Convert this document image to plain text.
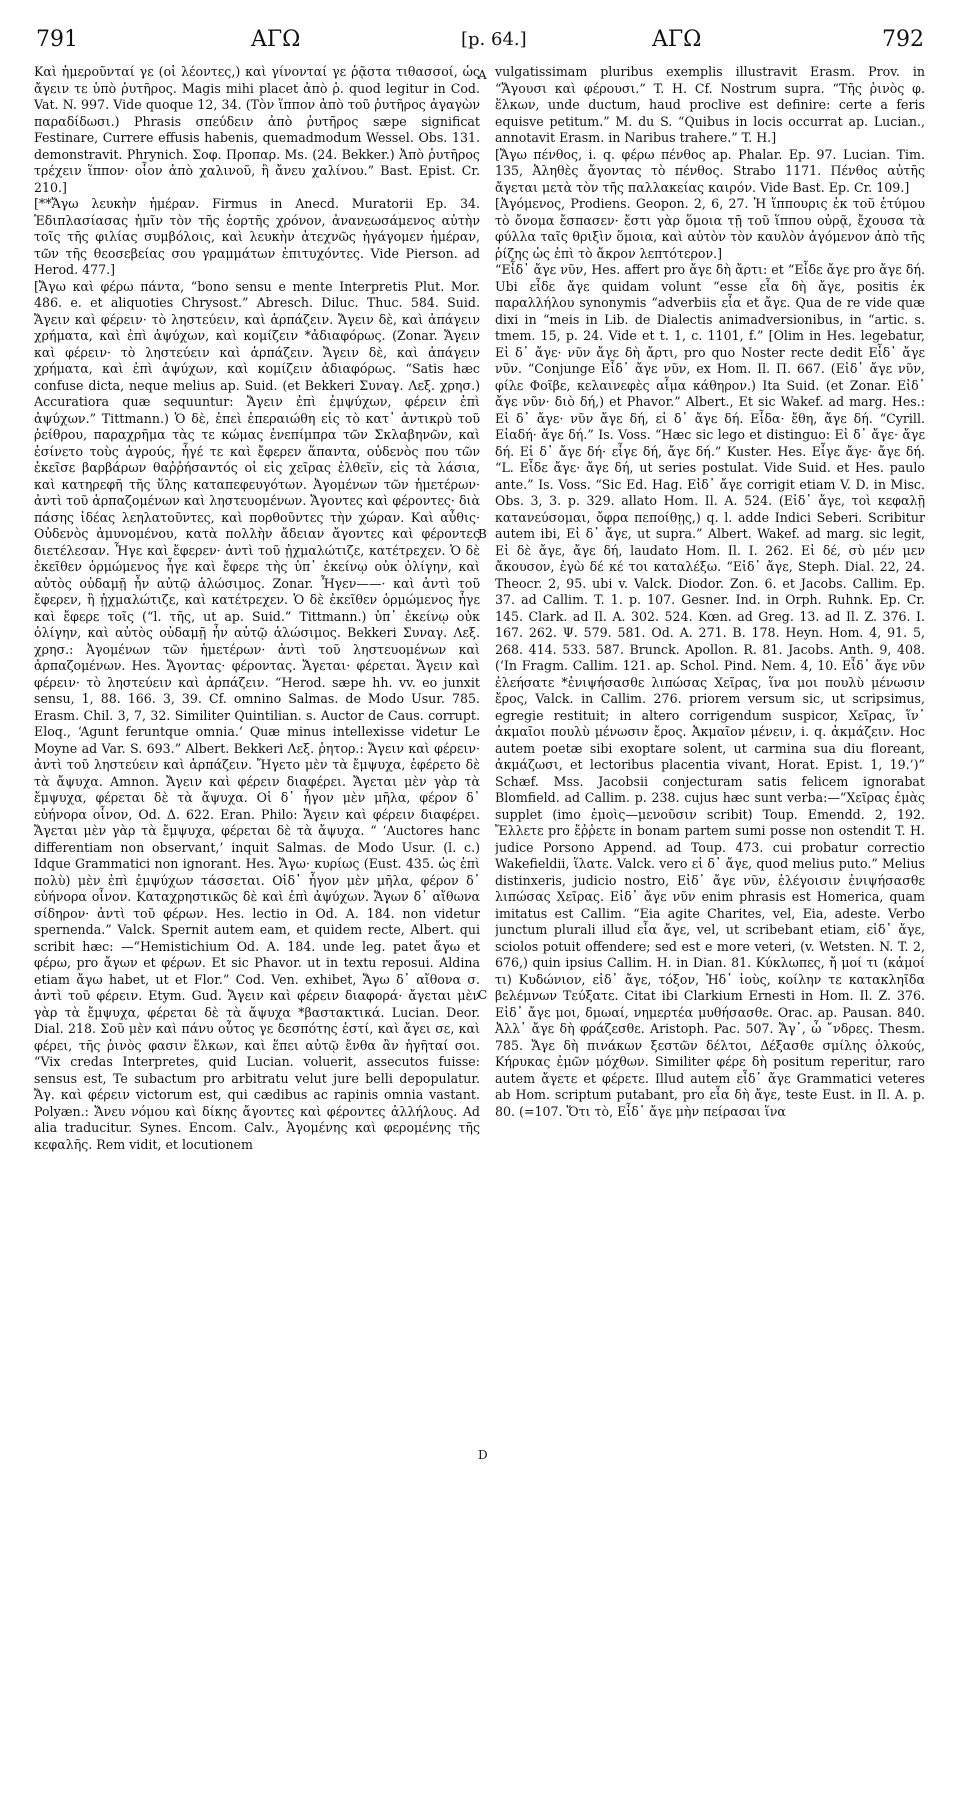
791	ΑΓΩ	[p. 64.]	ΑΓΩ	792

Καὶ ἡμεροῦνταί γε (οἱ λέοντες,) καὶ γίνονταί γε ῥᾷστα τιθασσοί, ὡς ἄγειν τε ὑπὸ ῥυτῆρος. Magis mihi placet ἀπὸ ῥ. quod legitur in Cod. Vat. N. 997. Vide quoque 12, 34. (Τὸν ἵππον ἀπὸ τοῦ ῥυτῆρος ἀγαγὼν παραδίδωσι.) Phrasis σπεύδειν ἀπὸ ῥυτῆρος sæpe significat Festinare, Currere effusis habenis, quemadmodum Wessel. Obs. 131. demonstravit. Phrynich. Σοφ. Προπαρ. Ms. (24. Bekker.) Ἀπὸ ῥυτῆρος τρέχειν ἵππον· οἷον ἀπὸ χαλινοῦ, ἢ ἄνευ χαλίνου.” Bast. Epist. Cr. 210.]

[**Ἄγω λευκὴν ἡμέραν. Firmus in Anecd. Muratorii Ep. 34. Ἐδιπλασίασας ἡμῖν τὸν τῆς ἑορτῆς χρόνον, ἀνανεωσάμενος αὐτὴν τοῖς τῆς φιλίας συμβόλοις, καὶ λευκὴν ἀτεχνῶς ἠγάγομεν ἡμέραν, τῶν τῆς θεοσεβείας σου γραμμάτων ἐπιτυχόντες. Vide Pierson. ad Herod. 477.]

[Ἄγω καὶ φέρω πάντα, “bono sensu e mente Interpretis Plut. Mor. 486. e. et aliquoties Chrysost.” Abresch. Diluc. Thuc. 584. Suid. Ἄγειν καὶ φέρειν· τὸ ληστεύειν, καὶ ἁρπάζειν. Ἄγειν δὲ, καὶ ἀπάγειν χρήματα, καὶ ἐπὶ ἀψύχων, καὶ κομίζειν *ἀδιαφόρως. (Zonar. Ἄγειν καὶ φέρειν· τὸ ληστεύειν καὶ ἁρπάζειν. Ἄγειν δὲ, καὶ ἀπάγειν χρήματα, καὶ ἐπὶ ἀψύχων, καὶ κομίζειν ἀδιαφόρως. “Satis hæc confuse dicta, neque melius ap. Suid. (et Bekkeri Συναγ. Λεξ. χρησ.) Accuratiora quæ sequuntur: Ἄγειν ἐπὶ ἐμψύχων, φέρειν ἐπὶ ἀψύχων.” Tittmann.) Ὁ δὲ, ἐπεὶ ἐπεραιώθη εἰς τὸ κατ᾽ ἀντικρὺ τοῦ ῥείθρου, παραχρῆμα τὰς τε κώμας ἐνεπίμπρα τῶν Σκλαβηνῶν, καὶ ἐσίνετο τοὺς ἀγρούς, ἦγέ τε καὶ ἔφερεν ἅπαντα, οὐδενὸς που τῶν ἐκεῖσε βαρβάρων θαῤῥήσαντός οἱ εἰς χεῖρας ἐλθεῖν, εἰς τὰ λάσια, καὶ κατηρεφῆ τῆς ὕλης καταπεφευγότων. Ἀγομένων τῶν ἡμετέρων· ἀντὶ τοῦ ἁρπαζομένων καὶ ληστευομένων. Ἄγοντες καὶ φέροντες· διὰ πάσης ἰδέας λεηλατοῦντες, καὶ πορθοῦντες τὴν χώραν. Καὶ αὖθις· Οὐδενὸς ἀμυνομένου, κατὰ πολλὴν ἄδειαν ἄγοντες καὶ φέροντες διετέλεσαν. Ἦγε καὶ ἔφερεν· ἀντὶ τοῦ ᾐχμαλώτιζε, κατέτρεχεν. Ὁ δὲ ἐκεῖθεν ὁρμώμενος ἦγε καὶ ἔφερε τὴς ὑπ᾽ ἐκείνῳ οὐκ ὀλίγην, καὶ αὐτὸς οὐδαμῇ ἦν αὐτῷ ἁλώσιμος. Zonar. Ἦγεν——· καὶ ἀντὶ τοῦ ἔφερεν, ἢ ᾐχμαλώτιζε, καὶ κατέτρεχεν. Ὁ δὲ ἐκεῖθεν ὁρμώμενος ἦγε καὶ ἔφερε τοῖς (“l. τῆς, ut ap. Suid.” Tittmann.) ὑπ᾽ ἐκείνῳ οὐκ ὀλίγην, καὶ αὐτὸς οὐδαμῇ ἦν αὐτῷ ἁλώσιμος. Bekkeri Συναγ. Λεξ. χρησ.: Ἀγομένων τῶν ἡμετέρων· ἀντὶ τοῦ ληστευομένων καὶ ἁρπαζομένων. Hes. Ἄγοντας· φέροντας. Ἄγεται· φέρεται. Ἄγειν καὶ φέρειν· τὸ ληστεύειν καὶ ἁρπάζειν. “Herod. sæpe hh. vv. eo junxit sensu, 1, 88. 166. 3, 39. Cf. omnino Salmas. de Modo Usur. 785. Erasm. Chil. 3, 7, 32. Similiter Quintilian. s. Auctor de Caus. corrupt. Eloq., ‘Agunt feruntque omnia.’ Quæ minus intellexisse videtur Le Moyne ad Var. S. 693.” Albert. Bekkeri Λεξ. ῥητορ.: Ἄγειν καὶ φέρειν· ἀντὶ τοῦ ληστεύειν καὶ ἁρπάζειν. Ἤγετο μὲν τὰ ἔμψυχα, ἐφέρετο δὲ τὰ ἄψυχα. Amnon. Ἄγειν καὶ φέρειν διαφέρει. Ἄγεται μὲν γὰρ τὰ ἔμψυχα, φέρεται δὲ τὰ ἄψυχα. Οἱ δ᾽ ἦγον μὲν μῆλα, φέρον δ᾽ εὐήνορα οἶνον, Od. Δ. 622. Eran. Philo: Ἄγειν καὶ φέρειν διαφέρει. Ἄγεται μὲν γὰρ τὰ ἔμψυχα, φέρεται δὲ τὰ ἄψυχα. “ ‘Auctores hanc differentiam non observant,’ inquit Salmas. de Modo Usur. (l. c.) Idque Grammatici non ignorant. Hes. Ἄγω· κυρίως (Eust. 435. ὡς ἐπὶ πολὺ) μὲν ἐπὶ ἐμψύχων τάσσεται. Οἱδ᾽ ἦγον μὲν μῆλα, φέρον δ᾽ εὐήνορα οἶνον. Καταχρηστικῶς δὲ καὶ ἐπὶ ἀψύχων. Ἄγων δ᾽ αἴθωνα σίδηρον· ἀντὶ τοῦ φέρων. Hes. lectio in Od. A. 184. non videtur spernenda.” Valck. Spernit autem eam, et quidem recte, Albert. qui scribit hæc: —“Hemistichium Od. A. 184. unde leg. patet ἄγω et φέρω, pro ἄγων et φέρων. Et sic Phavor. ut in textu reposui. Aldina etiam ἄγω habet, ut et Flor.” Cod. Ven. exhibet, Ἄγω δ᾽ αἴθονα σ. ἀντὶ τοῦ φέρειν. Etym. Gud. Ἄγειν καὶ φέρειν διαφορά· ἄγεται μὲν γὰρ τὰ ἔμψυχα, φέρεται δὲ τὰ ἄψυχα *βαστακτικά. Lucian. Deor. Dial. 218. Σοῦ μὲν καὶ πάνυ οὗτος γε δεσπότης ἐστί, καὶ ἄγει σε, καὶ φέρει, τῆς ῥινὸς φασιν ἕλκων, καὶ ἕπει αὐτῷ ἔνθα ἂν ἡγῆταί σοι. “Vix credas Interpretes, quid Lucian. voluerit, assecutos fuisse: sensus est, Te subactum pro arbitratu velut jure belli depopulatur. Ἄγ. καὶ φέρειν victorum est, qui cædibus ac rapinis omnia vastant. Polyæn.: Ἄνευ νόμου καὶ δίκης ἄγοντες καὶ φέροντες ἀλλήλους. Ad alia traducitur. Synes. Encom. Calv., Ἀγομένης καὶ φερομένης τῆς κεφαλῆς. Rem vidit, et locutionem

A
B
C
D

vulgatissimam pluribus exemplis illustravit Erasm. Prov. in “Ἄγουσι καὶ φέρουσι.” T. H. Cf. Nostrum supra. “Τῆς ῥινὸς φ. ἕλκων, unde ductum, haud proclive est definire: certe a feris equisve petitum.” M. du S. “Quibus in locis occurrat ap. Lucian., annotavit Erasm. in Naribus trahere.” T. H.]

[Ἄγω πένθος, i. q. φέρω πένθος ap. Phalar. Ep. 97. Lucian. Tim. 135, Ἀληθὲς ἄγοντας τὸ πένθος. Strabo 1171. Πένθος αὐτῆς ἄγεται μετὰ τὸν τῆς παλλακείας καιρόν. Vide Bast. Ep. Cr. 109.]

[Ἀγόμενος, Prodiens. Geopon. 2, 6, 27. Ἡ ἵππουρις ἐκ τοῦ ἐτύμου τὸ ὄνομα ἔσπασεν· ἔστι γὰρ ὅμοια τῇ τοῦ ἵππου οὐρᾷ, ἔχουσα τὰ φύλλα ταῖς θριξὶν ὅμοια, καὶ αὐτὸν τὸν καυλὸν ἀγόμενον ἀπὸ τῆς ῥίζης ὡς ἐπὶ τὸ ἄκρον λεπτότερον.]

“Εἶδ᾽ ἄγε νῦν, Hes. affert pro ἄγε δὴ ἄρτι: et “Εἶδε ἄγε pro ἄγε δή. Ubi εἶδε ἄγε quidam volunt “esse εἶα δὴ ἄγε, positis ἐκ παραλλήλου synonymis “adverbiis εἶα et ἄγε. Qua de re vide quæ dixi in “meis in Lib. de Dialectis animadversionibus, in “artic. s. tmem. 15, p. 24. Vide et t. 1, c. 1101, f.” [Olim in Hes. legebatur, Εἰ δ᾽ ἄγε· νῦν ἄγε δὴ ἄρτι, pro quo Noster recte dedit Εἶδ᾽ ἄγε νῦν. “Conjunge Εἶδ᾽ ἄγε νῦν, ex Hom. Il. Π. 667. (Εἰδ᾽ ἄγε νῦν, φίλε Φοῖβε, κελαινεφὲς αἷμα κάθηρον.) Ita Suid. (et Zonar. Εἰδ᾽ ἄγε νῦν· διὸ δή,) et Phavor.” Albert., Et sic Wakef. ad marg. Hes.: Εἰ δ᾽ ἄγε· νῦν ἄγε δή, εἰ δ᾽ ἄγε δή. Εἶδα· ἔθη, ἄγε δή. “Cyrill. Εἰαδή· ἄγε δή.” Is. Voss. “Hæc sic lego et distinguo: Εἰ δ᾽ ἄγε· ἄγε δή. Εἰ δ᾽ ἄγε δή· εἶγε δή, ἄγε δή.” Kuster. Hes. Εἶγε ἄγε· ἄγε δή. “L. Εἶδε ἄγε· ἄγε δή, ut series postulat. Vide Suid. et Hes. paulo ante.” Is. Voss. “Sic Ed. Hag. Εἰδ᾽ ἄγε corrigit etiam V. D. in Misc. Obs. 3, 3. p. 329. allato Hom. Il. A. 524. (Εἰδ᾽ ἄγε, τοὶ κεφαλῇ κατανεύσομαι, ὄφρα πεποίθῃς,) q. l. adde Indici Seberi. Scribitur autem ibi, Εἰ δ᾽ ἄγε, ut supra.” Albert. Wakef. ad marg. sic legit, Εἰ δὲ ἄγε, ἄγε δή, laudato Hom. Il. I. 262. Εἰ δέ, σὺ μέν μεν ἄκουσον, ἐγὼ δέ κέ τοι καταλέξω. “Εἰδ᾽ ἄγε, Steph. Dial. 22, 24. Theocr. 2, 95. ubi v. Valck. Diodor. Zon. 6. et Jacobs. Callim. Ep. 37. ad Callim. T. 1. p. 107. Gesner. Ind. in Orph. Ruhnk. Ep. Cr. 145. Clark. ad Il. A. 302. 524. Kœn. ad Greg. 13. ad Il. Z. 376. I. 167. 262. Ψ. 579. 581. Od. A. 271. B. 178. Heyn. Hom. 4, 91. 5, 268. 414. 533. 587. Brunck. Apollon. R. 81. Jacobs. Anth. 9, 408. (‘In Fragm. Callim. 121. ap. Schol. Pind. Nem. 4, 10. Εἶδ᾽ ἄγε νῦν ἐλεήσατε *ἐνιψήσασθε λιπώσας Χεῖρας, ἵνα μοι πουλὺ μένωσιν ἔρος, Valck. in Callim. 276. priorem versum sic, ut scripsimus, egregie restituit; in altero corrigendum suspicor, Χεῖρας, ἵν᾽ ἀκμαῖοι πουλὺ μένωσιν ἔρος. Ἀκμαῖον μένειν, i. q. ἀκμάζειν. Hoc autem poetæ sibi exoptare solent, ut carmina sua diu floreant, ἀκμάζωσι, et lectoribus placentia vivant, Horat. Epist. 1, 19.’)” Schæf. Mss. Jacobsii conjecturam satis felicem ignorabat Blomfield. ad Callim. p. 238. cujus hæc sunt verba:—“Χεῖρας ἐμὰς supplet (imo ἐμοὶς—μενοῦσιν scribit) Toup. Emendd. 2, 192. Ἔλλετε pro ἔῤῥετε in bonam partem sumi posse non ostendit T. H. judice Porsono Append. ad Toup. 473. cui probatur correctio Wakefieldii, ἵλατε. Valck. vero εἰ δ᾽ ἄγε, quod melius puto.” Melius distinxeris, judicio nostro, Εἰδ᾽ ἄγε νῦν, ἐλέγοισιν ἐνιψήσασθε λιπώσας Χεῖρας. Εἰδ᾽ ἄγε νῦν enim phrasis est Homerica, quam imitatus est Callim. “Eia agite Charites, vel, Eia, adeste. Verbo junctum plurali illud εἶα ἄγε, vel, ut scribebant etiam, εἰδ᾽ ἄγε, sciolos potuit offendere; sed est e more veteri, (v. Wetsten. N. T. 2, 676,) quin ipsius Callim. H. in Dian. 81. Κύκλωπες, ἤ μοί τι (κἀμοί τι) Κυδώνιον, εἰδ᾽ ἄγε, τόξον, Ἠδ᾽ ἰοὺς, κοίλην τε κατακληῖδα βελέμνων Τεύξατε. Citat ibi Clarkium Ernesti in Hom. Il. Z. 376. Εἰδ᾽ ἄγε μοι, δμωαί, νημερτέα μυθήσασθε. Orac. ap. Pausan. 840. Ἀλλ᾽ ἄγε δὴ φράζεσθε. Aristoph. Pac. 507. Ἄγ᾽, ὦ ῎νδρες. Thesm. 785. Ἄγε δὴ πινάκων ξεστῶν δέλτοι, Δέξασθε σμίλης ὁλκούς, Κήρυκας ἐμῶν μόχθων. Similiter φέρε δὴ positum reperitur, raro autem ἄγετε et φέρετε. Illud autem εἶδ᾽ ἄγε Grammatici veteres ab Hom. scriptum putabant, pro εἶα δὴ ἄγε, teste Eust. in Il. A. p. 80. (=107. Ὅτι τὸ, Εἶδ᾽ ἄγε μὴν πείρασαι ἵνα
